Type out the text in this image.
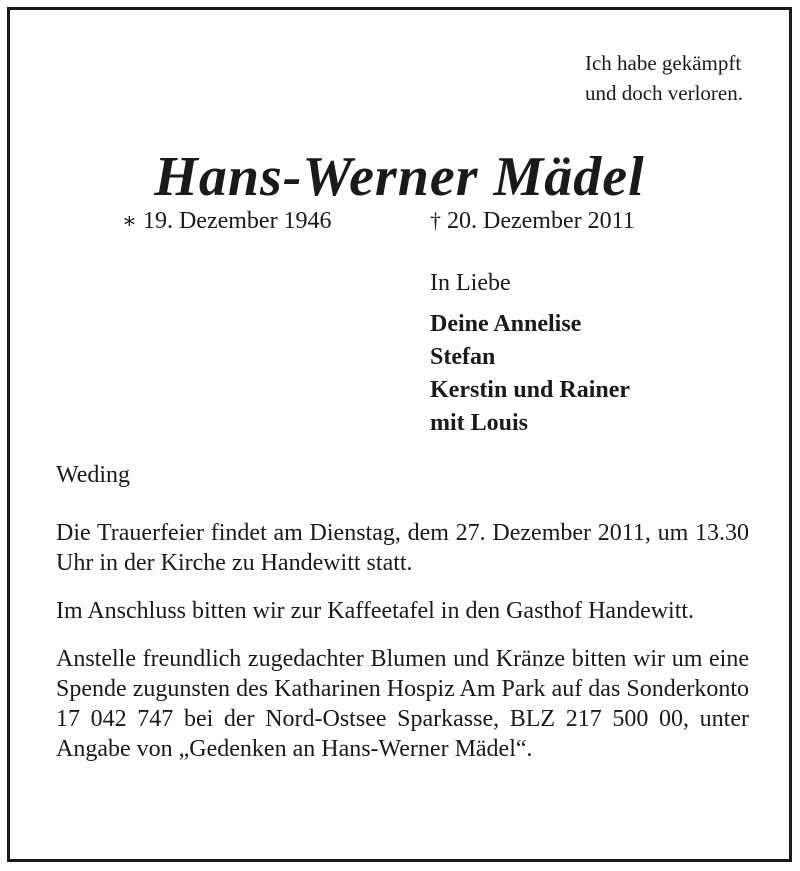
Ich habe gekämpft
und doch verloren.
Hans-Werner Mädel
∗ 19. Dezember 1946	† 20. Dezember 2011
In Liebe
Deine Annelise
Stefan
Kerstin und Rainer
mit Louis
Weding

Die Trauerfeier findet am Dienstag, dem 27. Dezember 2011, um 13.30 Uhr in der Kirche zu Handewitt statt.

Im Anschluss bitten wir zur Kaffeetafel in den Gasthof Handewitt.

Anstelle freundlich zugedachter Blumen und Kränze bitten wir um eine Spende zugunsten des Katharinen Hospiz Am Park auf das Sonderkonto 17 042 747 bei der Nord-Ostsee Sparkasse, BLZ 217 500 00, unter Angabe von „Gedenken an Hans-Werner Mädel“.
